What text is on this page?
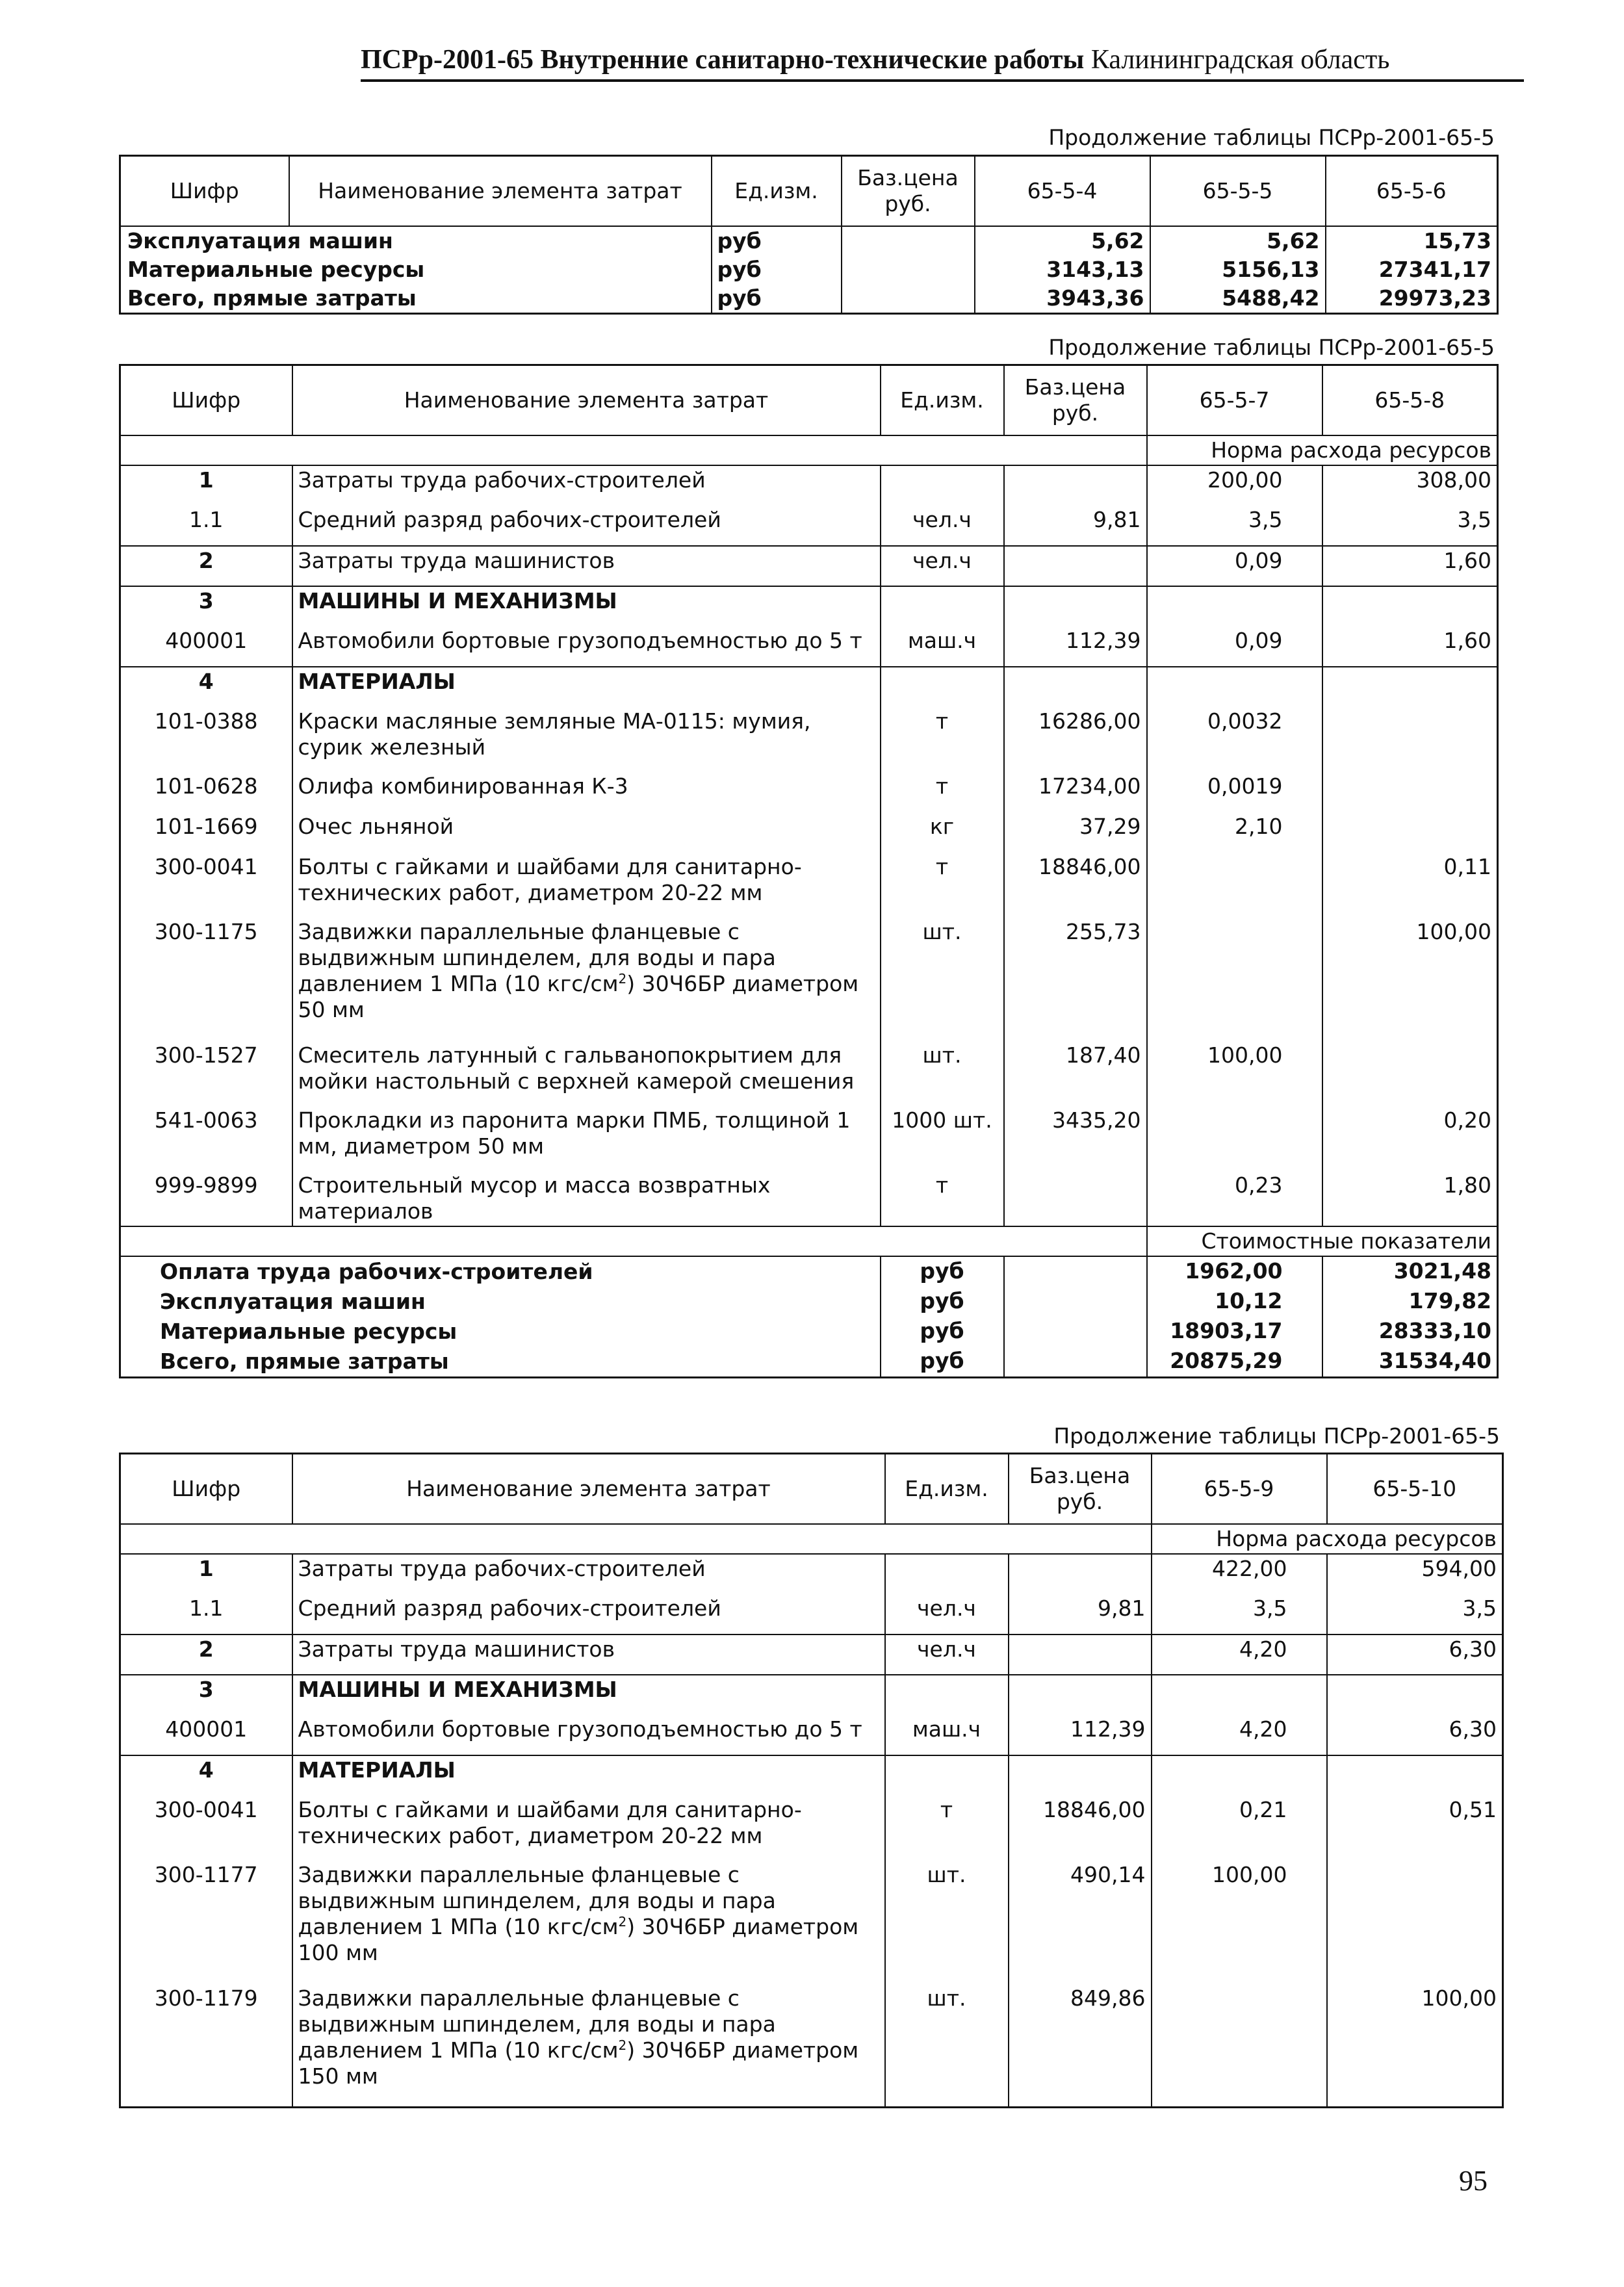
ПСРр-2001-65 Внутренние санитарно-технические работы Калининградская область
Продолжение таблицы ПСРр-2001-65-5
Шифр	Наименование элемента затрат	Ед.изм.	Баз.цена руб.	65-5-4	65-5-5	65-5-6
Эксплуатация машин		руб		5,62	5,62	15,73
Материальные ресурсы		руб		3143,13	5156,13	27341,17
Всего, прямые затраты		руб		3943,36	5488,42	29973,23
Продолжение таблицы ПСРр-2001-65-5
Шифр	Наименование элемента затрат	Ед.изм.	Баз.цена руб.	65-5-7	65-5-8
				Норма расхода ресурсов	
1	Затраты труда рабочих-строителей			200,00	308,00
1.1	Средний разряд рабочих-строителей	чел.ч	9,81	3,5	3,5
2	Затраты труда машинистов	чел.ч		0,09	1,60
3	МАШИНЫ И МЕХАНИЗМЫ				
400001	Автомобили бортовые грузоподъемностью до 5 т	маш.ч	112,39	0,09	1,60
4	МАТЕРИАЛЫ				
101-0388	Краски масляные земляные МА-0115: мумия, сурик железный	т	16286,00	0,0032	
101-0628	Олифа комбинированная К-3	т	17234,00	0,0019	
101-1669	Очес льняной	кг	37,29	2,10	
300-0041	Болты с гайками и шайбами для санитарно-технических работ, диаметром 20-22 мм	т	18846,00		0,11
300-1175	Задвижки параллельные фланцевые с выдвижным шпинделем, для воды и пара давлением 1 МПа (10 кгс/$см^2$) 30Ч6БР диаметром 50 мм	шт.	255,73		100,00
300-1527	Смеситель латунный с гальванопокрытием для мойки настольный с верхней камерой смешения	шт.	187,40	100,00	
541-0063	Прокладки из паронита марки ПМБ, толщиной 1 мм, диаметром 50 мм	1000 шт.	3435,20		0,20
999-9899	Строительный мусор и масса возвратных материалов	т		0,23	1,80
				Стоимостные показатели	
Оплата труда рабочих-строителей		руб		1962,00	3021,48
Эксплуатация машин		руб		10,12	179,82
Материальные ресурсы		руб		18903,17	28333,10
Всего, прямые затраты		руб		20875,29	31534,40
Продолжение таблицы ПСРр-2001-65-5
Шифр	Наименование элемента затрат	Ед.изм.	Баз.цена руб.	65-5-9	65-5-10
				Норма расхода ресурсов	
1	Затраты труда рабочих-строителей			422,00	594,00
1.1	Средний разряд рабочих-строителей	чел.ч	9,81	3,5	3,5
2	Затраты труда машинистов	чел.ч		4,20	6,30
3	МАШИНЫ И МЕХАНИЗМЫ				
400001	Автомобили бортовые грузоподъемностью до 5 т	маш.ч	112,39	4,20	6,30
4	МАТЕРИАЛЫ				
300-0041	Болты с гайками и шайбами для санитарно-технических работ, диаметром 20-22 мм	т	18846,00	0,21	0,51
300-1177	Задвижки параллельные фланцевые с выдвижным шпинделем, для воды и пара давлением 1 МПа (10 кгс/$см^2$) 30Ч6БР диаметром 100 мм	шт.	490,14	100,00	
300-1179	Задвижки параллельные фланцевые с выдвижным шпинделем, для воды и пара давлением 1 МПа (10 кгс/$см^2$) 30Ч6БР диаметром 150 мм	шт.	849,86		100,00
95
